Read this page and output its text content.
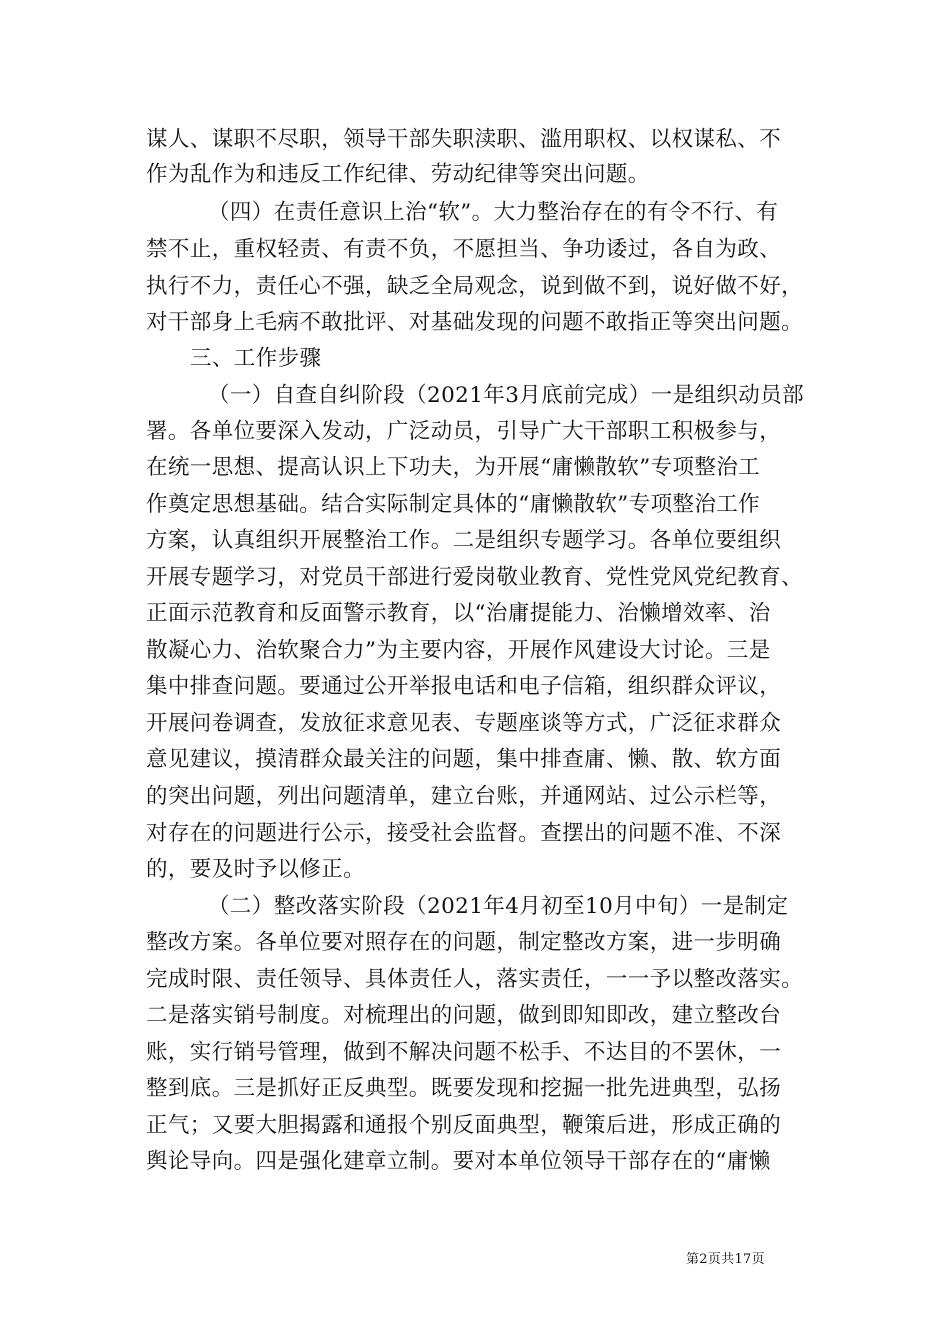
谋人、谋职不尽职，领导干部失职渎职、滥用职权、以权谋私、不
作为乱作为和违反工作纪律、劳动纪律等突出问题。
（四）在责任意识上治“软”。大力整治存在的有令不行、有
禁不止，重权轻责、有责不负，不愿担当、争功诿过，各自为政、
执行不力，责任心不强，缺乏全局观念，说到做不到，说好做不好，
对干部身上毛病不敢批评、对基础发现的问题不敢指正等突出问题。
三、工作步骤
（一）自查自纠阶段（2021年3月底前完成）一是组织动员部
署。各单位要深入发动，广泛动员，引导广大干部职工积极参与，
在统一思想、提高认识上下功夫，为开展“庸懒散软”专项整治工
作奠定思想基础。结合实际制定具体的“庸懒散软”专项整治工作
方案，认真组织开展整治工作。二是组织专题学习。各单位要组织
开展专题学习，对党员干部进行爱岗敬业教育、党性党风党纪教育、
正面示范教育和反面警示教育，以“治庸提能力、治懒增效率、治
散凝心力、治软聚合力”为主要内容，开展作风建设大讨论。三是
集中排查问题。要通过公开举报电话和电子信箱，组织群众评议，
开展问卷调查，发放征求意见表、专题座谈等方式，广泛征求群众
意见建议，摸清群众最关注的问题，集中排查庸、懒、散、软方面
的突出问题，列出问题清单，建立台账，并通网站、过公示栏等，
对存在的问题进行公示，接受社会监督。查摆出的问题不准、不深
的，要及时予以修正。
（二）整改落实阶段（2021年4月初至10月中旬）一是制定
整改方案。各单位要对照存在的问题，制定整改方案，进一步明确
完成时限、责任领导、具体责任人，落实责任，一一予以整改落实。
二是落实销号制度。对梳理出的问题，做到即知即改，建立整改台
账，实行销号管理，做到不解决问题不松手、不达目的不罢休，一
整到底。三是抓好正反典型。既要发现和挖掘一批先进典型，弘扬
正气；又要大胆揭露和通报个别反面典型，鞭策后进，形成正确的
舆论导向。四是强化建章立制。要对本单位领导干部存在的“庸懒
第2页共17页
